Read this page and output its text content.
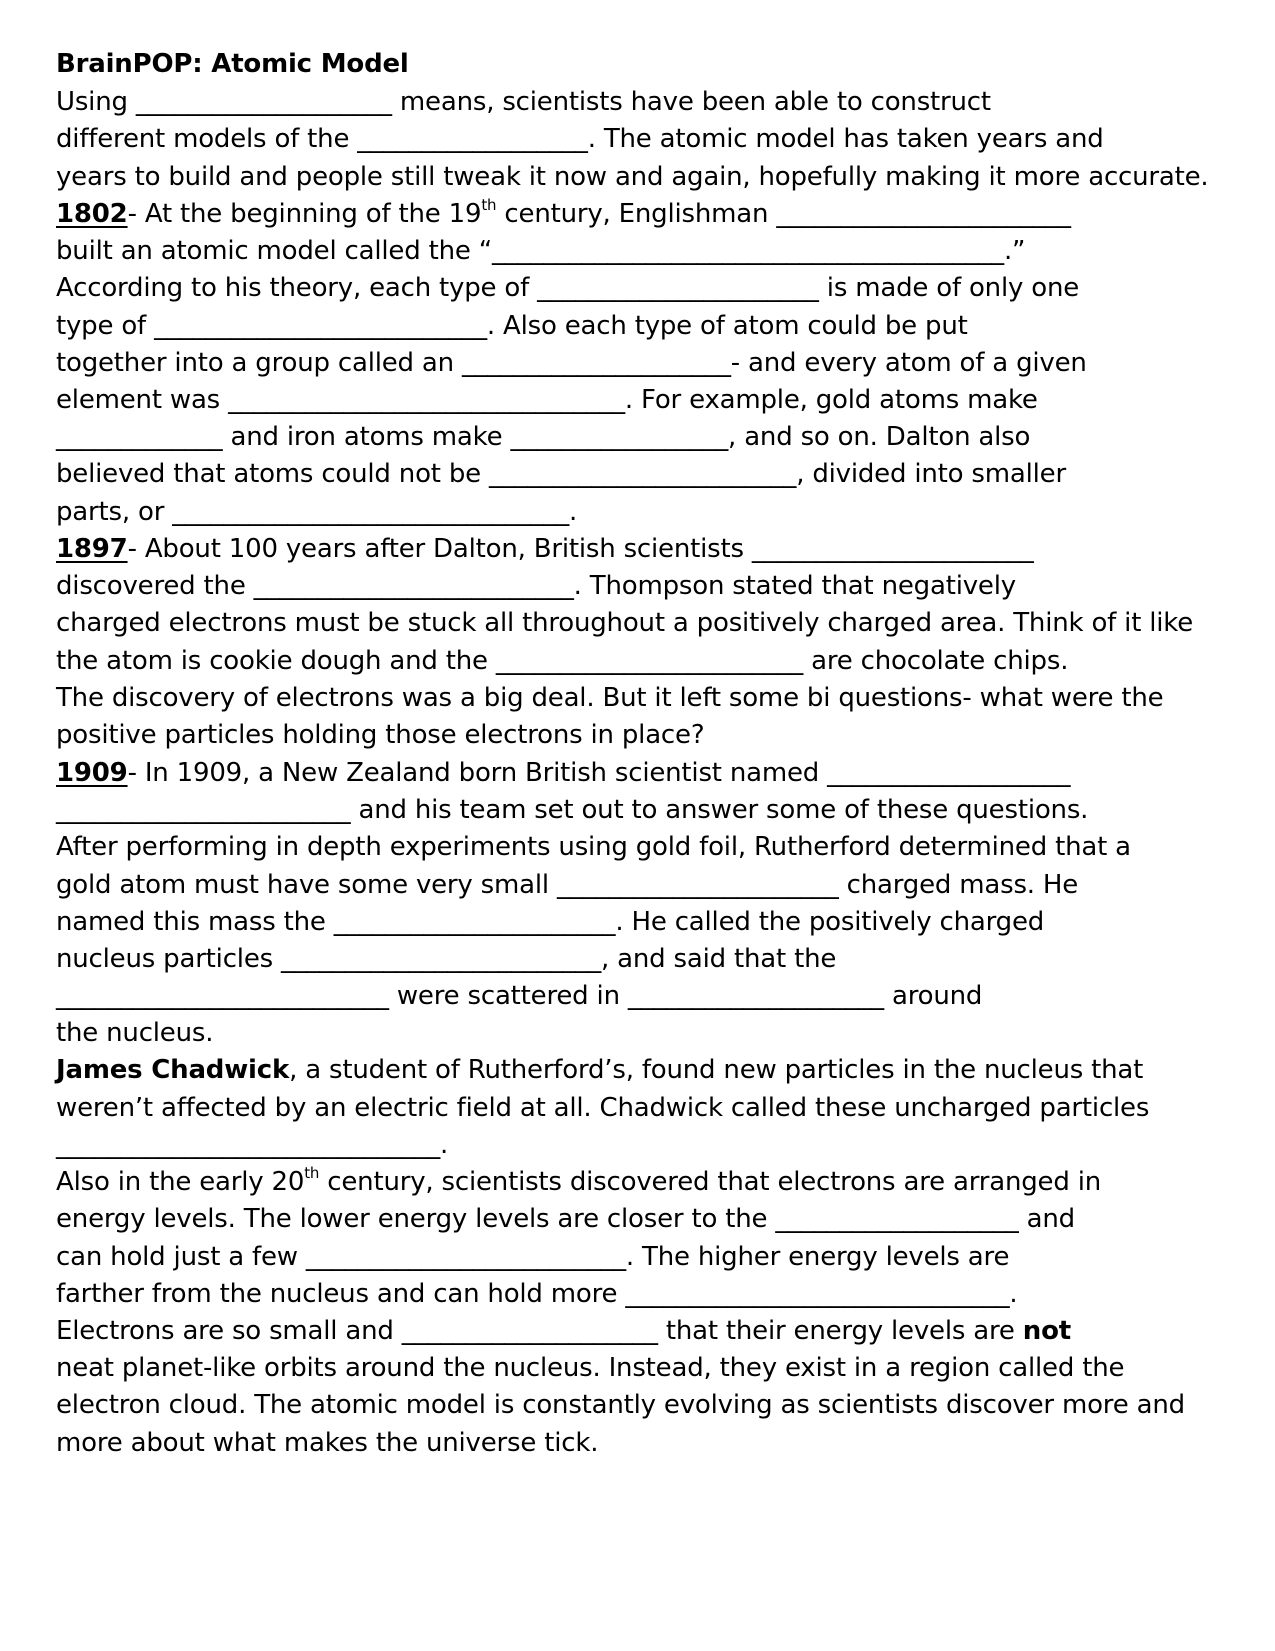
BrainPOP: Atomic Model
Using ____________________ means, scientists have been able to construct
different models of the __________________. The atomic model has taken years and
years to build and people still tweak it now and again, hopefully making it more accurate.
1802- At the beginning of the 19th century, Englishman _______________________
built an atomic model called the “________________________________________.”
According to his theory, each type of ______________________ is made of only one
type of __________________________. Also each type of atom could be put
together into a group called an _____________________- and every atom of a given
element was _______________________________. For example, gold atoms make
_____________ and iron atoms make _________________, and so on. Dalton also
believed that atoms could not be ________________________, divided into smaller
parts, or _______________________________.
1897- About 100 years after Dalton, British scientists ______________________
discovered the _________________________. Thompson stated that negatively
charged electrons must be stuck all throughout a positively charged area. Think of it like
the atom is cookie dough and the ________________________ are chocolate chips.
The discovery of electrons was a big deal. But it left some bi questions- what were the
positive particles holding those electrons in place?
1909- In 1909, a New Zealand born British scientist named ___________________
_______________________ and his team set out to answer some of these questions.
After performing in depth experiments using gold foil, Rutherford determined that a
gold atom must have some very small ______________________ charged mass. He
named this mass the ______________________. He called the positively charged
nucleus particles _________________________, and said that the
__________________________ were scattered in ____________________ around
the nucleus.
James Chadwick, a student of Rutherford’s, found new particles in the nucleus that
weren’t affected by an electric field at all. Chadwick called these uncharged particles
______________________________.
Also in the early 20th century, scientists discovered that electrons are arranged in
energy levels. The lower energy levels are closer to the ___________________ and
can hold just a few _________________________. The higher energy levels are
farther from the nucleus and can hold more ______________________________.
Electrons are so small and ____________________ that their energy levels are not
neat planet-like orbits around the nucleus. Instead, they exist in a region called the
electron cloud. The atomic model is constantly evolving as scientists discover more and
more about what makes the universe tick.
